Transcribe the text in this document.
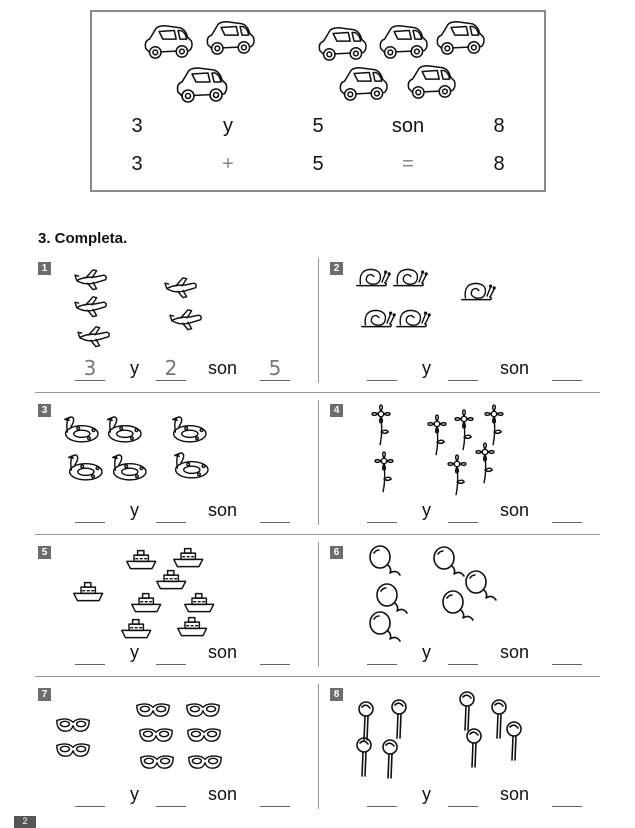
3	y	5	son	8
3	+	5	=	8
3. Completa.
1
3	2	5
y	son
2
y	son
3
y	son
4
y	son
5
y	son
6
y	son
7
y	son
8
y	son
2
